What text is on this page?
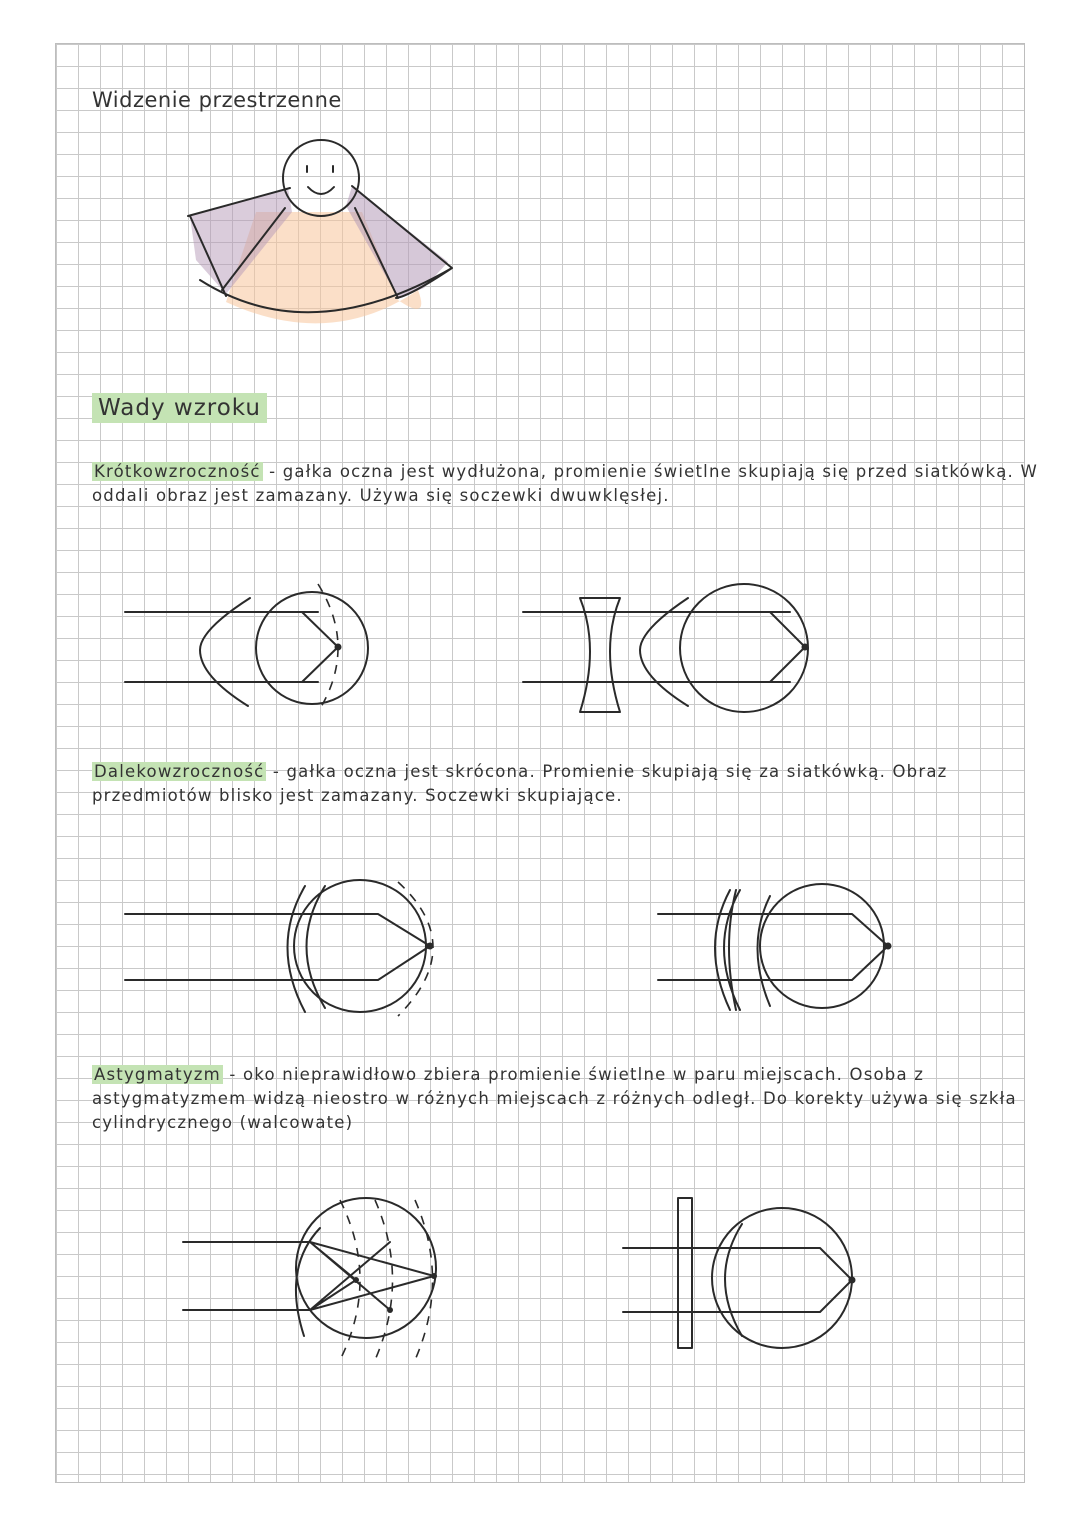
Widzenie przestrzenne
Wady wzroku
Krótkowzroczność - gałka oczna jest wydłużona, promienie świetlne skupiają się przed siatkówką. W oddali obraz jest zamazany. Używa się soczewki dwuwklęsłej.
Dalekowzroczność - gałka oczna jest skrócona. Promienie skupiają się za siatkówką. Obraz przedmiotów blisko jest zamazany. Soczewki skupiające.
Astygmatyzm - oko nieprawidłowo zbiera promienie świetlne w paru miejscach. Osoba z astygmatyzmem widzą nieostro w różnych miejscach z różnych odległ. Do korekty używa się szkła cylindrycznego (walcowate)
